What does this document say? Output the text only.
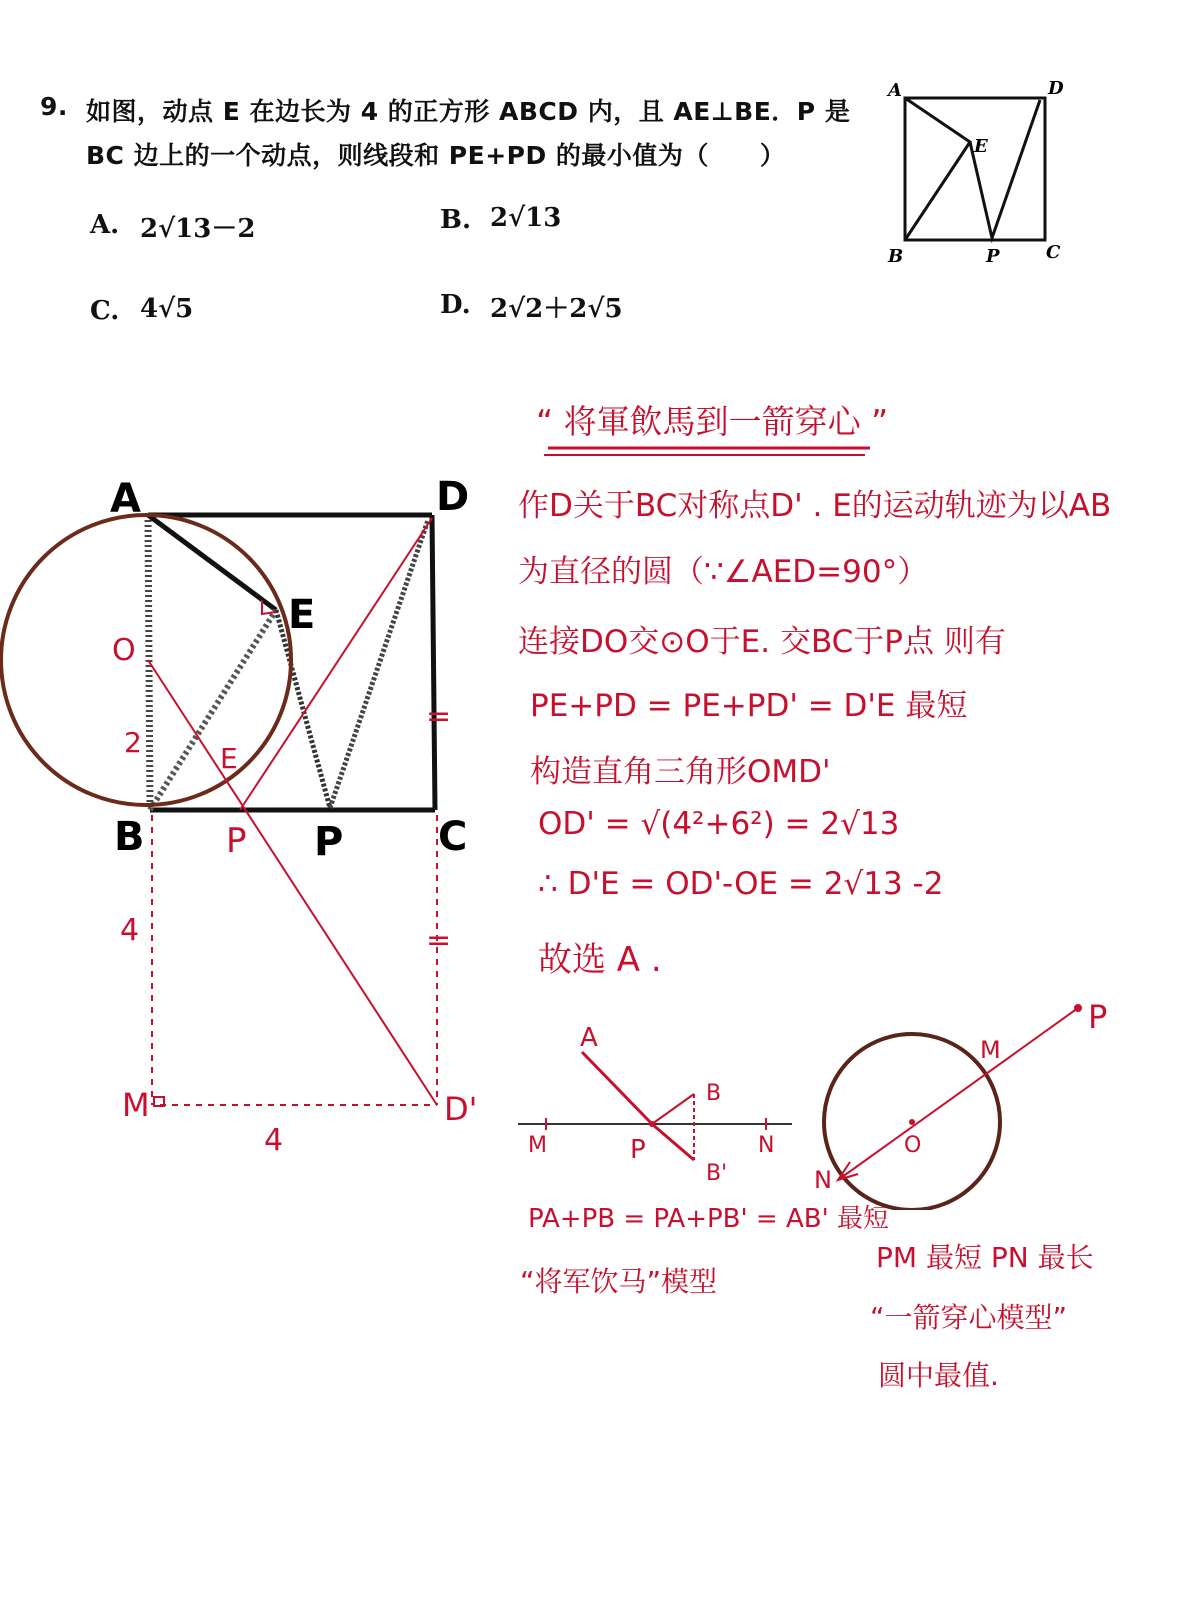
9. 如图，动点 E 在边长为 4 的正方形 ABCD 内，且 AE⊥BE．P 是
BC 边上的一个动点，则线段和 PE+PD 的最小值为（　　）
A. 2√13－2	B. 2√13
C. 4√5	D. 2√2＋2√5
A	D
E
B	P	C
A	D
E
B	P C
O
2	E
P
4
4
M	D'
=
=
“ 将軍飲馬到一箭穿心 ”
作D关于BC对称点D' . E的运动轨迹为以AB
为直径的圆（∵∠AED=90°）
连接DO交⊙O于E. 交BC于P点 则有
PE+PD = PE+PD' = D'E 最短
构造直角三角形OMD'
OD' = √(4²+6²) = 2√13
∴ D'E = OD'-OE = 2√13 -2
故选 A .
A
B
B'
P
M	N
PA+PB = PA+PB' = AB' 最短
“将军饮马”模型
P
M
N
O
PM 最短 PN 最长
“一箭穿心模型”
圆中最值.
